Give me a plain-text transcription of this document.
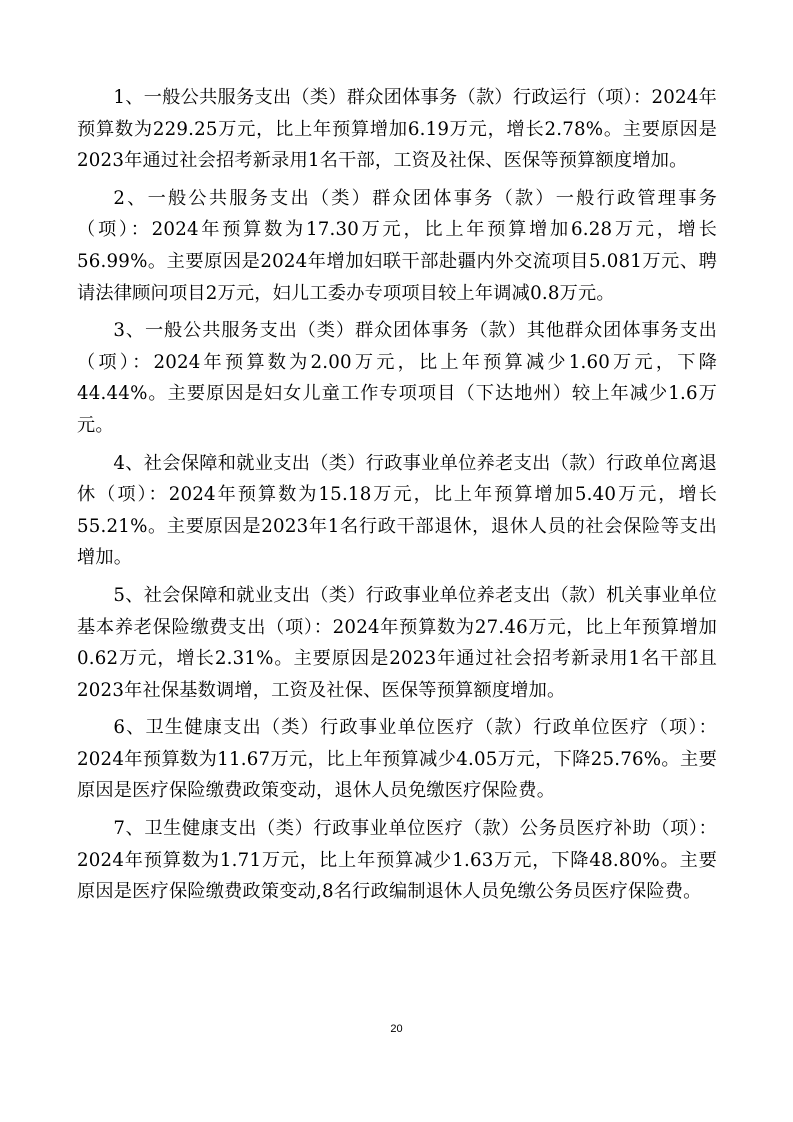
1、一般公共服务支出（类）群众团体事务（款）行政运行（项）：2024年预算数为229.25万元，比上年预算增加6.19万元，增长2.78%。主要原因是2023年通过社会招考新录用1名干部，工资及社保、医保等预算额度增加。

2、一般公共服务支出（类）群众团体事务（款）一般行政管理事务（项）：2024年预算数为17.30万元，比上年预算增加6.28万元，增长56.99%。主要原因是2024年增加妇联干部赴疆内外交流项目5.081万元、聘请法律顾问项目2万元，妇儿工委办专项项目较上年调减0.8万元。

3、一般公共服务支出（类）群众团体事务（款）其他群众团体事务支出（项）：2024年预算数为2.00万元，比上年预算减少1.60万元，下降44.44%。主要原因是妇女儿童工作专项项目（下达地州）较上年减少1.6万元。

4、社会保障和就业支出（类）行政事业单位养老支出（款）行政单位离退休（项）：2024年预算数为15.18万元，比上年预算增加5.40万元，增长55.21%。主要原因是2023年1名行政干部退休，退休人员的社会保险等支出增加。

5、社会保障和就业支出（类）行政事业单位养老支出（款）机关事业单位基本养老保险缴费支出（项）：2024年预算数为27.46万元，比上年预算增加0.62万元，增长2.31%。主要原因是2023年通过社会招考新录用1名干部且2023年社保基数调增，工资及社保、医保等预算额度增加。

6、卫生健康支出（类）行政事业单位医疗（款）行政单位医疗（项）：2024年预算数为11.67万元，比上年预算减少4.05万元，下降25.76%。主要原因是医疗保险缴费政策变动，退休人员免缴医疗保险费。

7、卫生健康支出（类）行政事业单位医疗（款）公务员医疗补助（项）：2024年预算数为1.71万元，比上年预算减少1.63万元，下降48.80%。主要原因是医疗保险缴费政策变动,8名行政编制退休人员免缴公务员医疗保险费。

20
